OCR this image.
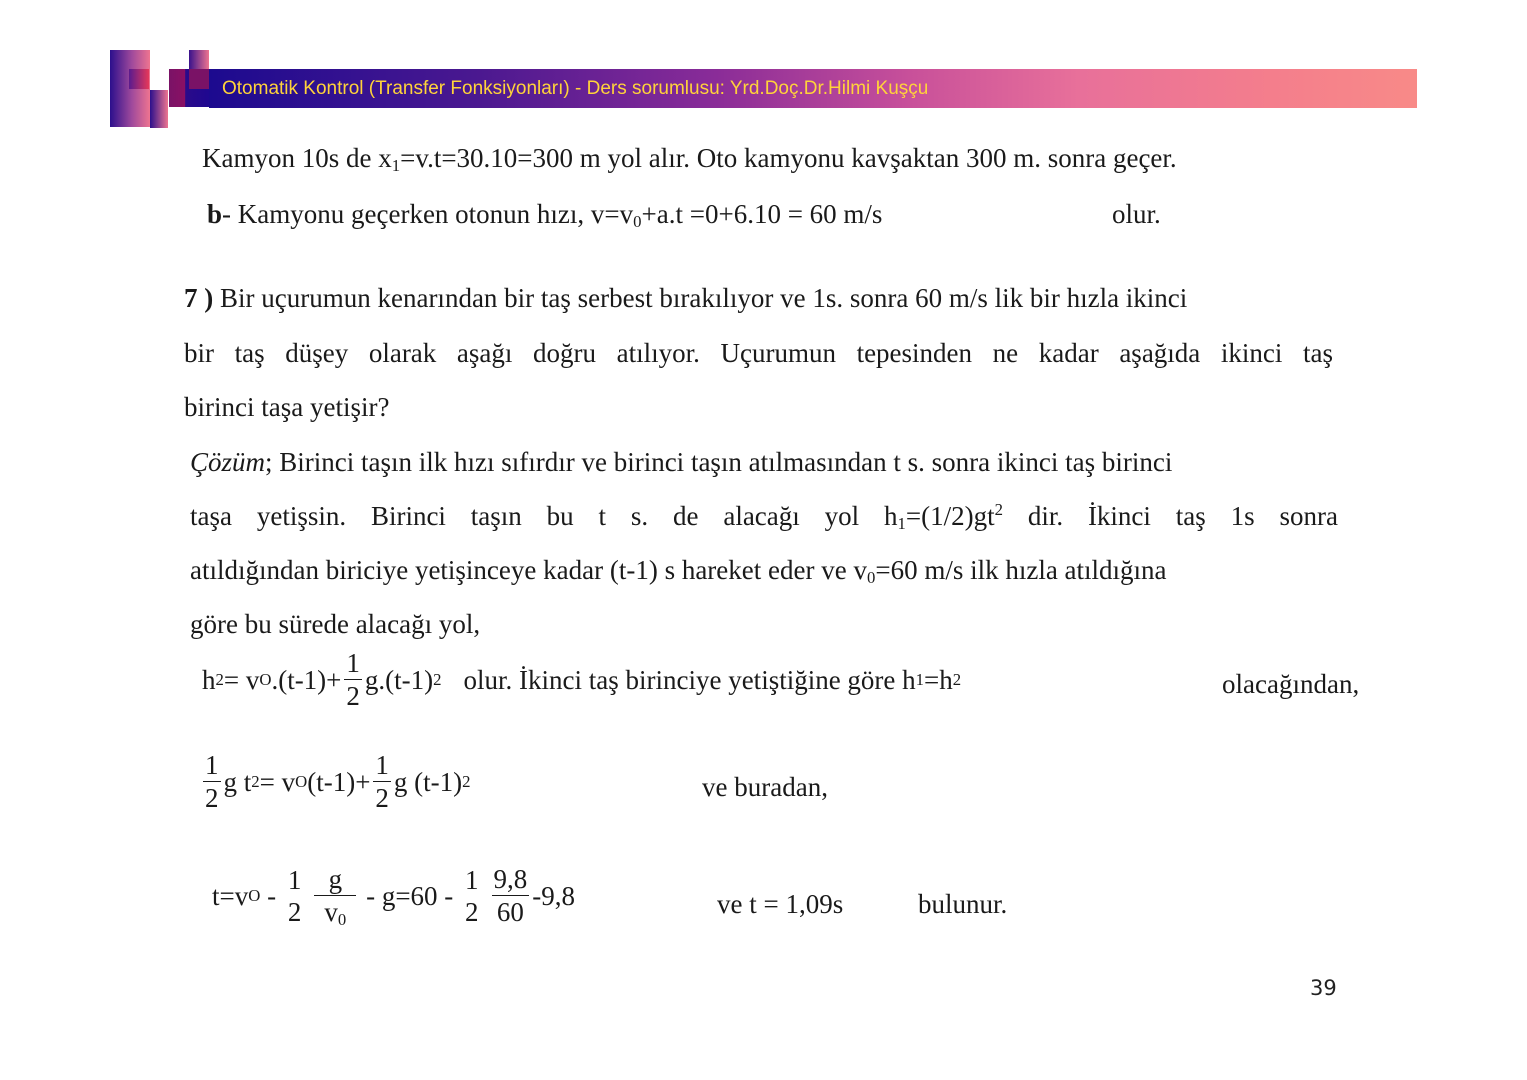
Otomatik Kontrol (Transfer Fonksiyonları) - Ders sorumlusu: Yrd.Doç.Dr.Hilmi Kuşçu
Kamyon 10s de $x_1=v.t=30.10=300$ m yol alır. Oto kamyonu kavşaktan 300 m. sonra geçer.
b- Kamyonu geçerken otonun hızı, $v=v_0+a.t =0+6.10 = 60$ m/s	olur.
7 ) Bir uçurumun kenarından bir taş serbest bırakılıyor ve 1s. sonra 60 m/s lik bir hızla ikinci
bir taş düşey olarak aşağı doğru atılıyor. Uçurumun tepesinden ne kadar aşağıda ikinci taş
birinci taşa yetişir?
Çözüm; Birinci taşın ilk hızı sıfırdır ve birinci taşın atılmasından t s. sonra ikinci taş birinci
taşa yetişsin. Birinci taşın bu t s. de alacağı yol $h_1=(1/2)gt^2$ dir. İkinci taş 1s sonra
atıldığından biriciye yetişinceye kadar (t-1) s hareket eder ve $v_0=60$ m/s ilk hızla atıldığına
göre bu sürede alacağı yol,
h 2 = v O $.(t-1)+ \frac{1}{2} g.(t-1)$ 2 olur. İkinci taş birinciye yetiştiğine göre h 1 =h 2	olacağından,
$\frac{1}{2}$ g t 2 = v O $(t-1)+ \frac{1}{2}$ g (t-1) 2	ve buradan,
t=v O -
1
$2 \frac{g}{v_0} - g=60$ -
1
$2 \frac{9,8}{60} -9,8$	ve t = 1,09s	bulunur.
39
